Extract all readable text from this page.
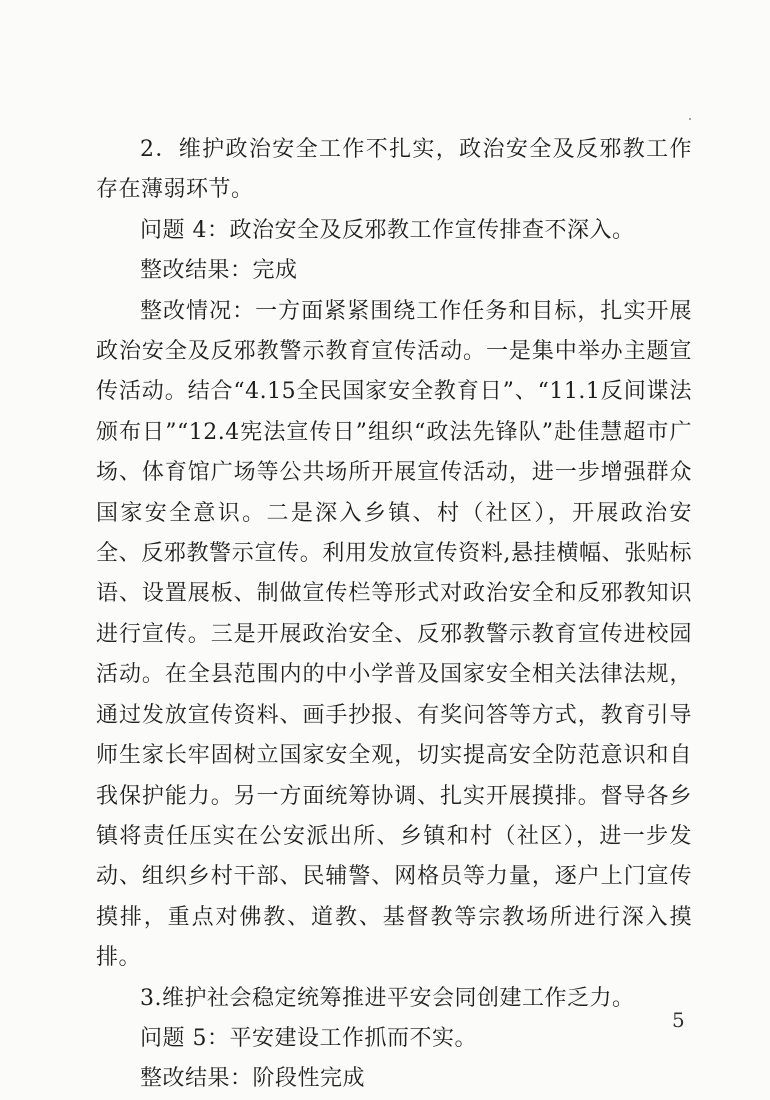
2．维护政治安全工作不扎实，政治安全及反邪教工作存在薄弱环节。

问题 4：政治安全及反邪教工作宣传排查不深入。

整改结果：完成

整改情况：一方面紧紧围绕工作任务和目标，扎实开展政治安全及反邪教警示教育宣传活动。一是集中举办主题宣传活动。结合“4.15全民国家安全教育日”、“11.1反间谍法颁布日”“12.4宪法宣传日”组织“政法先锋队”赴佳慧超市广场、体育馆广场等公共场所开展宣传活动，进一步增强群众国家安全意识。二是深入乡镇、村（社区），开展政治安全、反邪教警示宣传。利用发放宣传资料,悬挂横幅、张贴标语、设置展板、制做宣传栏等形式对政治安全和反邪教知识进行宣传。三是开展政治安全、反邪教警示教育宣传进校园活动。在全县范围内的中小学普及国家安全相关法律法规，通过发放宣传资料、画手抄报、有奖问答等方式，教育引导师生家长牢固树立国家安全观，切实提高安全防范意识和自我保护能力。另一方面统筹协调、扎实开展摸排。督导各乡镇将责任压实在公安派出所、乡镇和村（社区），进一步发动、组织乡村干部、民辅警、网格员等力量，逐户上门宣传摸排，重点对佛教、道教、基督教等宗教场所进行深入摸排。

3.维护社会稳定统筹推进平安会同创建工作乏力。

问题 5：平安建设工作抓而不实。

整改结果：阶段性完成

5
